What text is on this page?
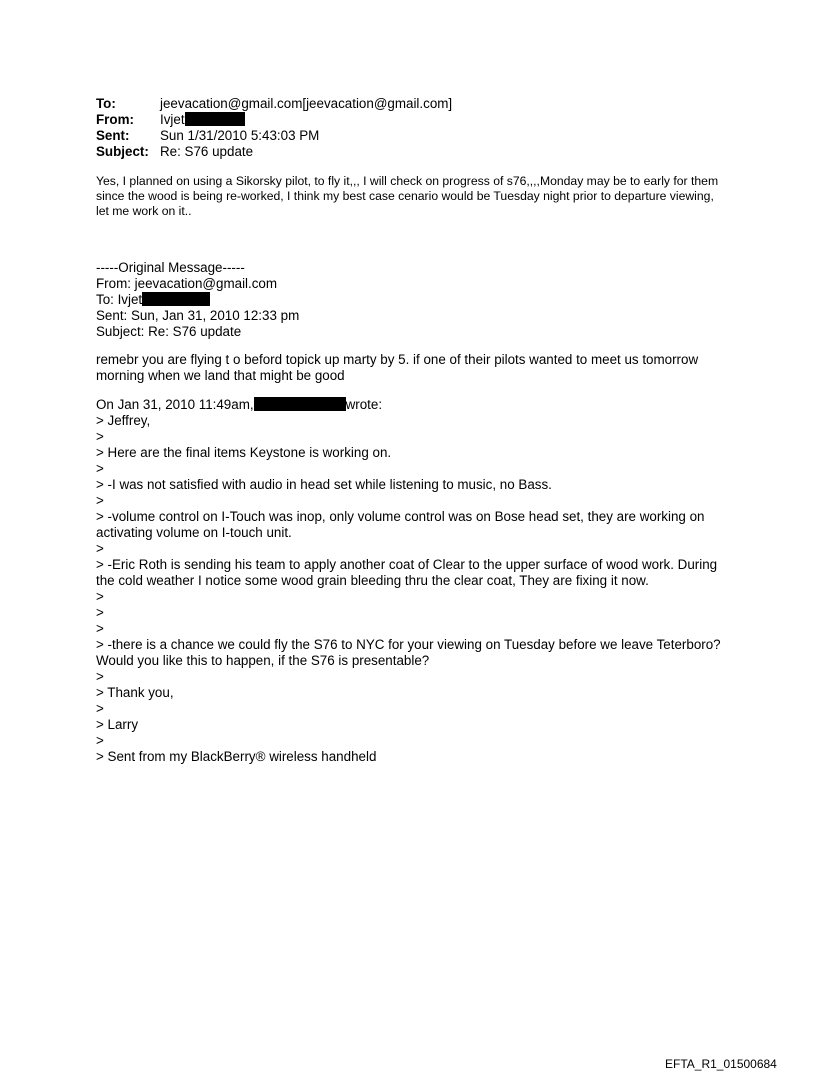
To:	jeevacation@gmail.com[jeevacation@gmail.com]
From:	Ivjet
Sent:	Sun 1/31/2010 5:43:03 PM
Subject: Re: S76 update
Yes, I planned on using a Sikorsky pilot, to fly it,,, I will check on progress of s76,,,,Monday may be to early for them since the wood is being re-worked, I think my best case cenario would be Tuesday night prior to departure viewing, let me work on it..
-----Original Message-----
From: jeevacation@gmail.com
To: Ivjet
Sent: Sun, Jan 31, 2010 12:33 pm
Subject: Re: S76 update
remebr you are flying t o beford topick up marty by 5. if one of their pilots wanted to meet us tomorrow morning when we land that might be good
On Jan 31, 2010 11:49am,	wrote:
> Jeffrey,
>
> Here are the final items Keystone is working on.
>
> -I was not satisfied with audio in head set while listening to music, no Bass.
>
> -volume control on I-Touch was inop, only volume control was on Bose head set, they are working on activating volume on I-touch unit.
>
> -Eric Roth is sending his team to apply another coat of Clear to the upper surface of wood work. During the cold weather I notice some wood grain bleeding thru the clear coat, They are fixing it now.
>
>
>
> -there is a chance we could fly the S76 to NYC for your viewing on Tuesday before we leave Teterboro? Would you like this to happen, if the S76 is presentable?
>
> Thank you,
>
> Larry
>
> Sent from my BlackBerry® wireless handheld
EFTA_R1_01500684
